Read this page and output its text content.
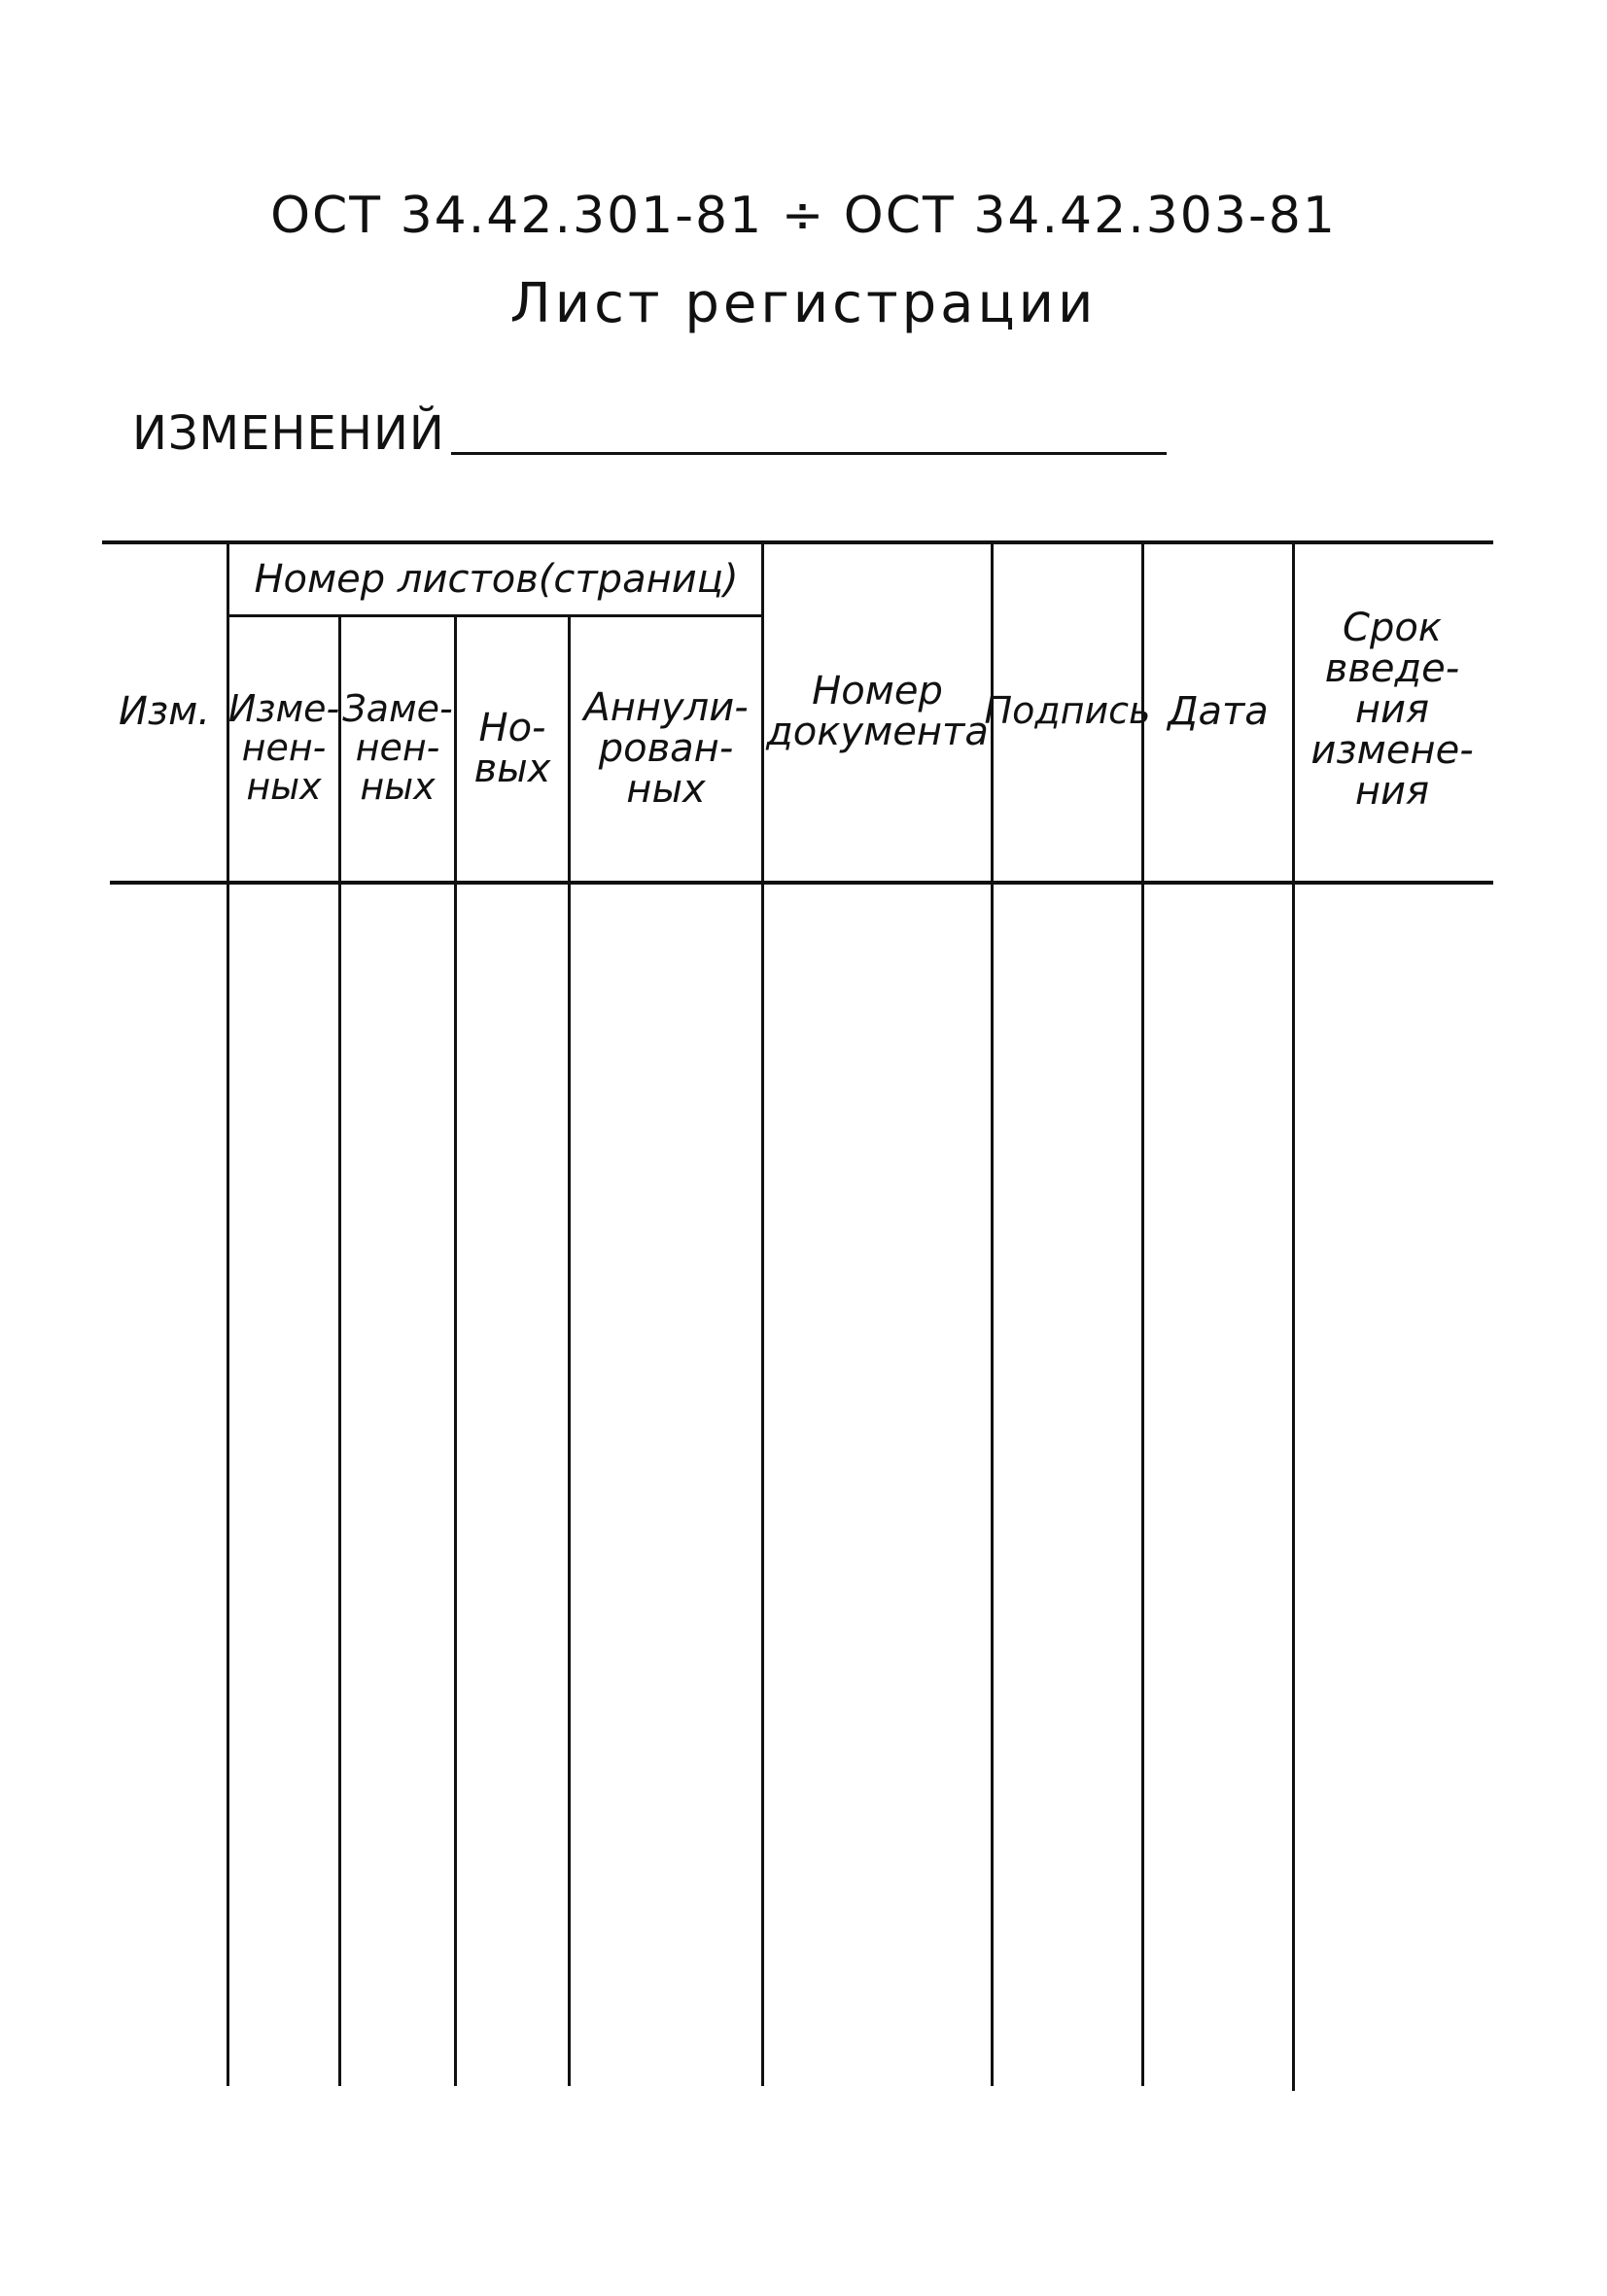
ОСТ 34.42.301-81 ÷ ОСТ 34.42.303-81
Лист регистрации
ИЗМЕНЕНИЙ
Номер листов(страниц)
Изм. Изме-
нен-
ных
Заме-
нен-
ных
Но-
вых
Аннули-
рован-
ных
Номер
документа
Подпись Дата
Срок
введе-
ния
измене-
ния
